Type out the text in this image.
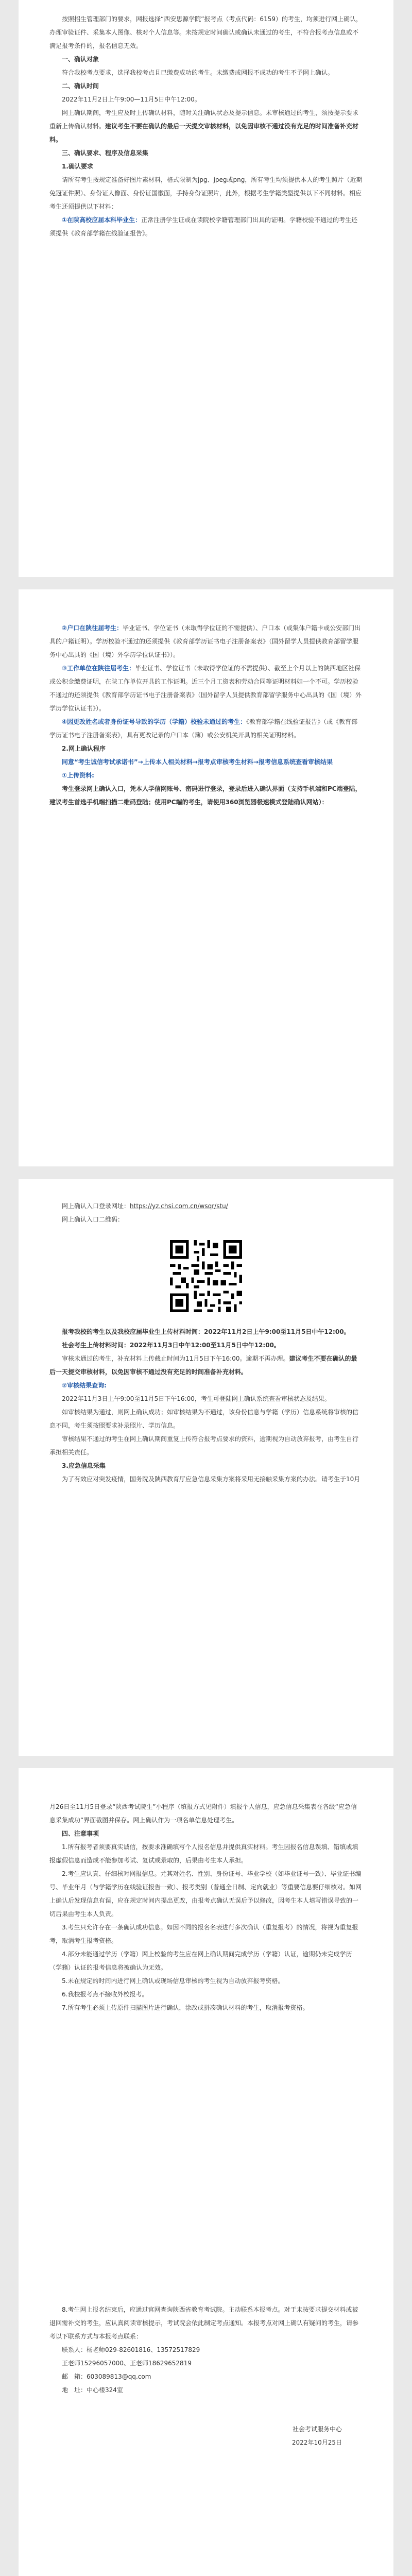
按照招生管理部门的要求，网报选择“西安思源学院”报考点（考点代码：6159）的考生，均须进行网上确认，办理审验证件、采集本人图像、核对个人信息等。未按规定时间确认或确认未通过的考生，不符合报考点信息或不满足报考条件的，报名信息无效。

一、确认对象

符合我校考点要求，选择我校考点且已缴费成功的考生。未缴费或网报不成功的考生不予网上确认。

二、确认时间

2022年11月2日上午9:00—11月5日中午12:00。

网上确认期间，考生应及时上传确认材料，随时关注确认状态及提示信息。未审核通过的考生，须按提示要求重新上传确认材料。建议考生不要在确认的最后一天提交审核材料，以免因审核不通过没有充足的时间准备补充材料。

三、确认要求、程序及信息采集

1.确认要求

请所有考生按规定准备好图片素材料，格式限制为jpg、jpeg或png，所有考生均须提供本人的考生照片（近期免冠证件照）、身份证人像面、身份证国徽面，手持身份证照片，此外，根据考生学籍类型提供以下不同材料。相应考生还须提供以下材料：

①在陕高校应届本科毕业生：正常注册学生证或在读院校学籍管理部门出具的证明。学籍校验不通过的考生还须提供《教育部学籍在线验证报告》。

②户口在陕往届考生：毕业证书、学位证书（未取得学位证的不需提供）、户口本（或集体户籍卡或公安部门出具的户籍证明）。学历校验不通过的还须提供《教育部学历证书电子注册备案表》（国外留学人员提供教育部留学服务中心出具的《国（境）外学历学位认证书》）。

③工作单位在陕往届考生：毕业证书、学位证书（未取得学位证的不需提供）、截至上个月以上的陕西地区社保或公积金缴费证明，在陕工作单位开具的工作证明。近三个月工资表和劳动合同等证明材料如一个不可。学历校验不通过的还须提供《教育部学历证书电子注册备案表》（国外留学人员提供教育部留学服务中心出具的《国（境）外学历学位认证书》）。

④因更改姓名或者身份证号导致的学历（学籍）校验未通过的考生：《教育部学籍在线验证报告》（或《教育部学历证书电子注册备案表》，具有更改记录的户口本（簿）或公安机关开具的相关证明材料。

2.网上确认程序

同意“考生诚信考试承诺书”→上传本人相关材料→报考点审核考生材料→报考信息系统查看审核结果

①上传资料:

考生登录网上确认入口，凭本人学信网账号、密码进行登录，登录后进入确认界面（支持手机端和PC端登陆，建议考生首选手机端扫描二维码登陆；使用PC端的考生，请使用360浏览器极速模式登陆确认网站）：

网上确认入口登录网址：https://yz.chsi.com.cn/wsqr/stu/

网上确认入口二维码：

报考我校的考生以及我校应届毕业生上传材料时间：2022年11月2日上午9:00至11月5日中午12:00。

社会考生上传材料时间：2022年11月3日中午12:00至11月5日中午12:00。

审核未通过的考生，补充材料上传截止时间为11月5日下午16:00。逾期不再办理。建议考生不要在确认的最后一天提交审核材料，以免因审核不通过没有充足的时间准备补充材料。

②审核结果查询:

2022年11月3日上午9:00至11月5日下午16:00，考生可登陆网上确认系统查看审核状态及结果。

如审核结果为通过，则网上确认成功；如审核结果为不通过，该身份信息与学籍（学历）信息系统将审核的信息不同，考生须按照要求补录照片、学历信息。

审核结果不通过的考生在网上确认期间重复上传符合报考点要求的资料，逾期视为自动放弃报考，由考生自行承担相关责任。

3.应急信息采集

为了有效应对突发疫情，国务院及陕西教育厅应急信息采集方案将采用无接触采集方案的办法。请考生于10月

月26日至11月5日登录“陕西考试院生”小程序（填报方式见附件）填报个人信息，应急信息采集表在各级“应急信息采集成功”界面截图并保存。网上确认作为一项名单信息处理考生。

四、注意事项

1.所有报考者须要真实诚信，按要求准确填写个人报名信息并提供真实材料。考生因报名信息误填、错填或填报虚假信息而造成不能参加考试、复试或录取的，后果由考生本人承担。

2.考生应认真、仔细核对网报信息。尤其对姓名、性别、身份证号、毕业学校（如毕业证号一致）、毕业证书编号、毕业年月（与学籍学历在线验证报告一致）、报考类别（普通全日制、定向就业）等重要信息要仔细核对。如网上确认后发现信息有误，应在规定时间内提出更改，由报考点确认无误后予以修改，因考生本人填写错误导致的一切后果由考生本人负责。

3.考生只允许存在一条确认成功信息。如因不同的报名名表进行多次确认（重复报考）的情况，将视为重复报考，取消考生报考资格。

4.部分未能通过学历（学籍）网上校验的考生应在网上确认期间完成学历（学籍）认证，逾期仍未完成学历（学籍）认证的报考信息将被确认为无效。

5.未在规定的时间内进行网上确认或现场信息审核的考生视为自动放弃报考资格。

6.我校报考点不接收外校报考。

7.所有考生必须上传原件扫描图片进行确认，涂改或拼凑确认材料的考生，取消报考资格。

8.考生网上报名结束后，应通过官网查询陕西省教育考试院。主动联系本报考点。对于未按要求提交材料或被退回需补交的考生，应认真阅读审核提示，考试院会依此制定考点通知。本报考点对网上确认有疑问的考生，请参考以下联系方式与本报考点联系：

联系人：杨老师029-82601816、13572517829

王老师15296057000、王老师18629652819

邮　箱：603089813@qq.com

地　址：中心楼324室

社会考试服务中心

2022年10月25日
